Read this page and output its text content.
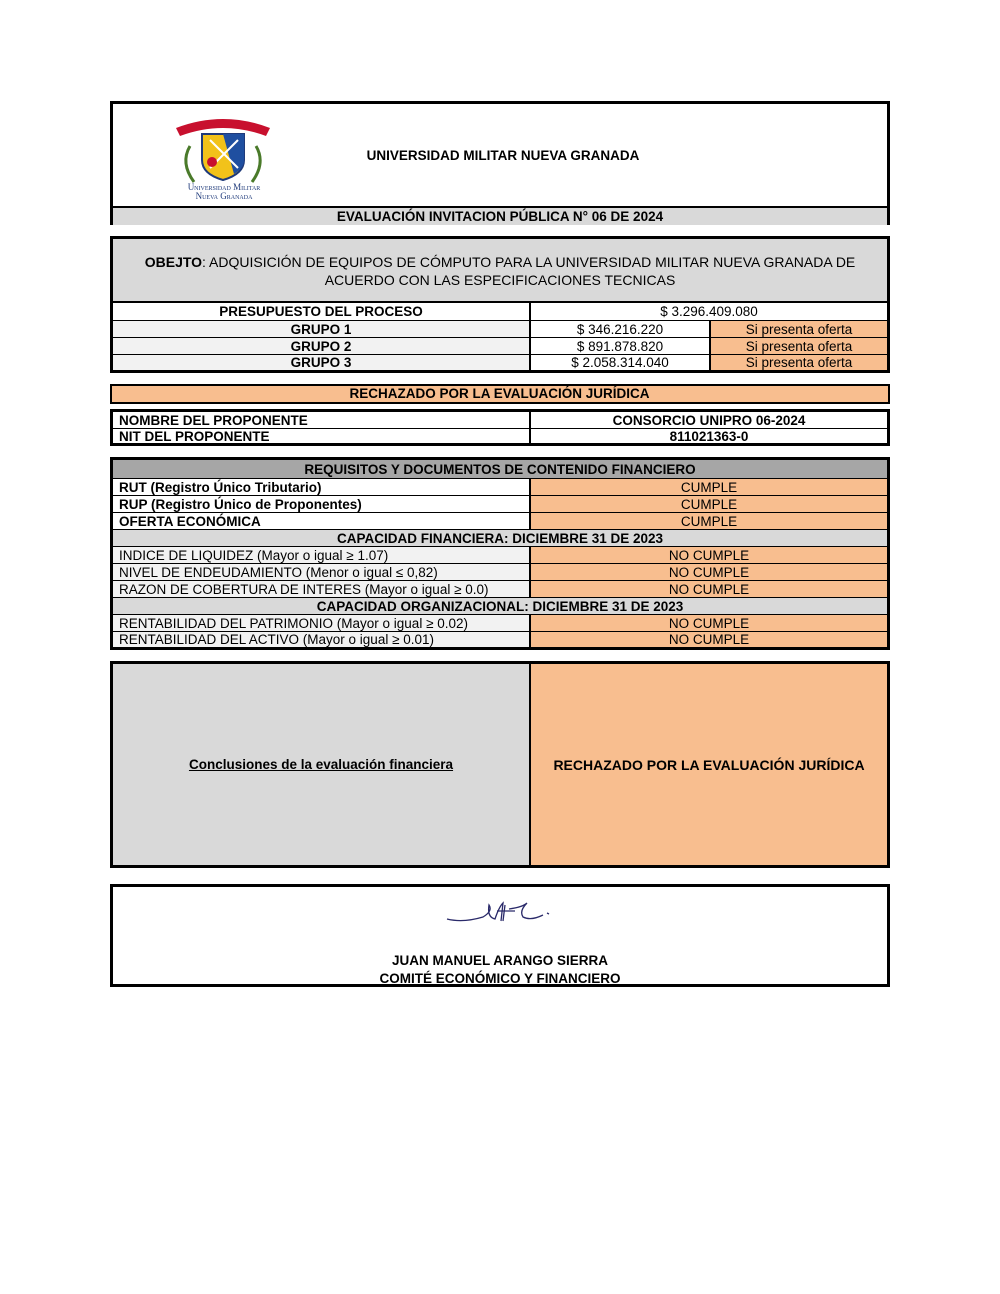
SCIENTIA · PATRIA · FAMILIA
Universidad Militar
Nueva Granada
UNIVERSIDAD MILITAR NUEVA GRANADA
EVALUACIÓN INVITACION PÚBLICA N° 06 DE 2024
OBEJTO: ADQUISICIÓN DE EQUIPOS DE CÓMPUTO PARA LA UNIVERSIDAD MILITAR NUEVA GRANADA DE ACUERDO CON LAS ESPECIFICACIONES TECNICAS
PRESUPUESTO DEL PROCESO	$ 3.296.409.080
GRUPO 1	$ 346.216.220	Si presenta oferta
GRUPO 2	$ 891.878.820	Si presenta oferta
GRUPO 3	$ 2.058.314.040	Si presenta oferta
RECHAZADO POR LA EVALUACIÓN JURÍDICA
NOMBRE DEL PROPONENTE	CONSORCIO UNIPRO 06-2024
NIT DEL PROPONENTE	811021363-0
REQUISITOS Y DOCUMENTOS DE CONTENIDO FINANCIERO
RUT (Registro Único Tributario)	CUMPLE
RUP (Registro Único de Proponentes)	CUMPLE
OFERTA ECONÓMICA	CUMPLE
CAPACIDAD FINANCIERA: DICIEMBRE 31 DE 2023
INDICE DE LIQUIDEZ (Mayor o igual ≥ 1.07)	NO CUMPLE
NIVEL DE ENDEUDAMIENTO (Menor o igual ≤ 0,82)	NO CUMPLE
RAZON DE COBERTURA DE INTERES (Mayor o igual ≥ 0.0)	NO CUMPLE
CAPACIDAD ORGANIZACIONAL: DICIEMBRE 31 DE 2023
RENTABILIDAD DEL PATRIMONIO (Mayor o igual ≥ 0.02)	NO CUMPLE
RENTABILIDAD DEL ACTIVO (Mayor o igual ≥ 0.01)	NO CUMPLE
Conclusiones de la evaluación financiera	RECHAZADO POR LA EVALUACIÓN JURÍDICA
JUAN MANUEL ARANGO SIERRA
COMITÉ ECONÓMICO Y FINANCIERO
